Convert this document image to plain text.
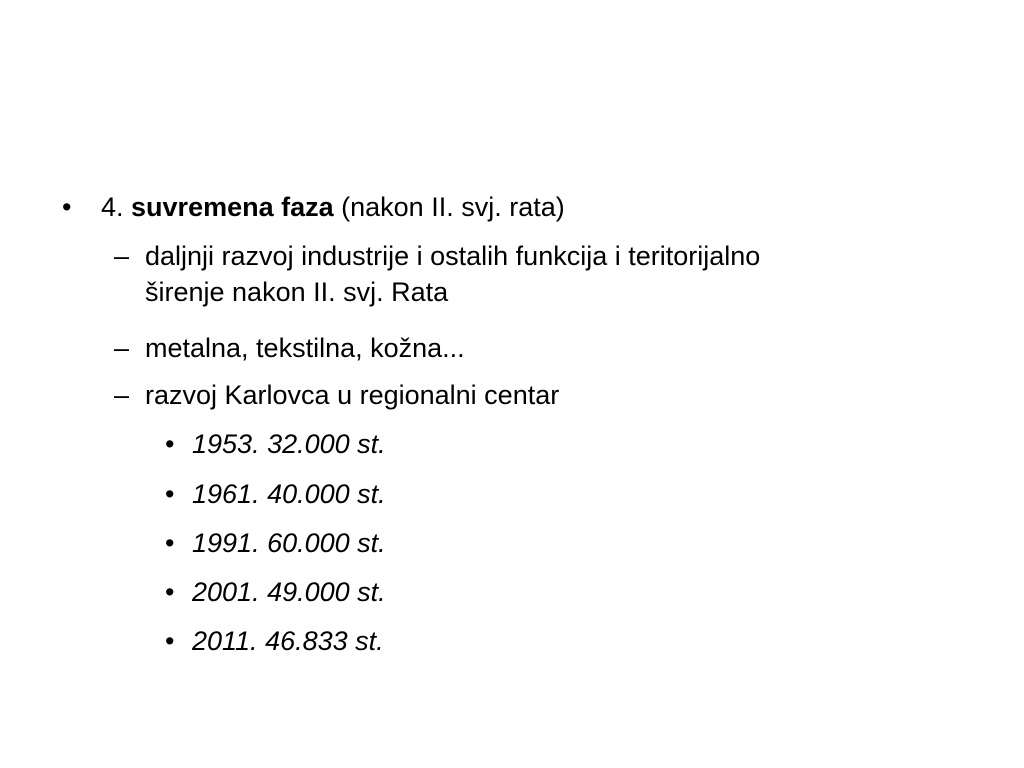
• 4. suvremena faza (nakon II. svj. rata)
– daljnji razvoj industrije i ostalih funkcija i teritorijalno
širenje nakon II. svj. Rata
– metalna, tekstilna, kožna...
– razvoj Karlovca u regionalni centar
• 1953. 32.000 st.
• 1961. 40.000 st.
• 1991. 60.000 st.
• 2001. 49.000 st.
• 2011. 46.833 st.
